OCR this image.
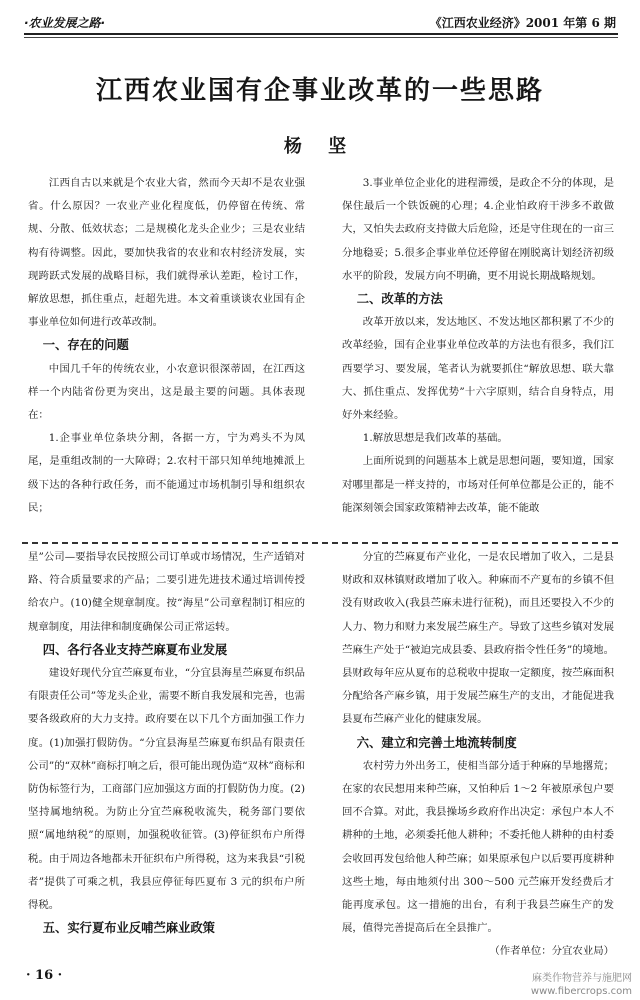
·农业发展之路·	《江西农业经济》2001 年第 6 期
江西农业国有企事业改革的一些思路
杨 坚

江西自古以来就是个农业大省，然而今天却不是农业强省。什么原因？一农业产业化程度低，仍停留在传统、常规、分散、低效状态；二是规模化龙头企业少；三是农业结构有待调整。因此，要加快我省的农业和农村经济发展，实现跨跃式发展的战略目标，我们就得承认差距，检讨工作，解放思想，抓住重点，赶超先进。本文着重谈谈农业国有企事业单位如何进行改革改制。

一、存在的问题

中国几千年的传统农业，小农意识很深蒂固，在江西这样一个内陆省份更为突出，这是最主要的问题。具体表现在：

1.企事业单位条块分割，各据一方，宁为鸡头不为凤尾，是重组改制的一大障碍；2.农村干部只知单纯地摊派上级下达的各种行政任务，而不能通过市场机制引导和组织农民；

3.事业单位企业化的进程滞缓，是政企不分的体现，是保住最后一个铁饭碗的心理；4.企业怕政府干涉多不敢做大，又怕失去政府支持做大后危险，还是守住现在的一亩三分地稳妥；5.很多企事业单位还停留在刚脱离计划经济初级水平的阶段，发展方向不明确，更不用说长期战略规划。

二、改革的方法

改革开放以来，发达地区、不发达地区都积累了不少的改革经验，国有企业事业单位改革的方法也有很多，我们江西要学习、要发展，笔者认为就要抓住“解放思想、联大靠大、抓住重点、发挥优势”十六字原则，结合自身特点，用好外来经验。

1.解放思想是我们改革的基础。

上面所说到的问题基本上就是思想问题，要知道，国家对哪里都是一样支持的，市场对任何单位都是公正的，能不能深刻领会国家政策精神去改革，能不能敢

星”公司—要指导农民按照公司订单或市场情况，生产适销对路、符合质量要求的产品；二要引进先进技术通过培训传授给农户。(10)健全规章制度。按“海星”公司章程制订相应的规章制度，用法律和制度确保公司正常运转。

四、各行各业支持苎麻夏布业发展

建设好现代分宜苎麻夏布业，“分宜县海星苎麻夏布织品有限责任公司”等龙头企业，需要不断自我发展和完善，也需要各级政府的大力支持。政府要在以下几个方面加强工作力度。(1)加强打假防伪。“分宜县海星苎麻夏布织品有限责任公司”的“双林”商标打响之后，很可能出现伪造“双林”商标和防伪标签行为，工商部门应加强这方面的打假防伪力度。(2)坚持属地纳税。为防止分宜苎麻税收流失，税务部门要依照“属地纳税”的原则，加强税收征管。(3)停征织布户所得税。由于周边各地都未开征织布户所得税，这为来我县“引税者”提供了可乘之机，我县应停征每匹夏布 3 元的织布户所得税。

五、实行夏布业反哺苎麻业政策

分宜的苎麻夏布产业化，一是农民增加了收入，二是县财政和双林镇财政增加了收入。种麻而不产夏布的乡镇不但没有财政收入(我县苎麻未进行征税)，而且还要投入不少的人力、物力和财力来发展苎麻生产。导致了这些乡镇对发展苎麻生产处于“被迫完成县委、县政府指令性任务”的境地。县财政每年应从夏布的总税收中提取一定额度，按苎麻面积分配给各产麻乡镇，用于发展苎麻生产的支出，才能促进我县夏布苎麻产业化的健康发展。

六、建立和完善土地流转制度

农村劳力外出务工，使相当部分适于种麻的旱地撂荒；在家的农民想用来种苎麻，又怕种后 1～2 年被原承包户要回不合算。对此，我县操场乡政府作出决定：承包户本人不耕种的土地，必须委托他人耕种；不委托他人耕种的由村委会收回再发包给他人种苎麻；如果原承包户以后要再度耕种这些土地，每由地须付出 300～500 元苎麻开发经费后才能再度承包。这一措施的出台，有利于我县苎麻生产的发展，值得完善提高后在全县推广。

（作者单位：分宜农业局）

· 16 ·	麻类作物营养与施肥网
www.fibercrops.com
